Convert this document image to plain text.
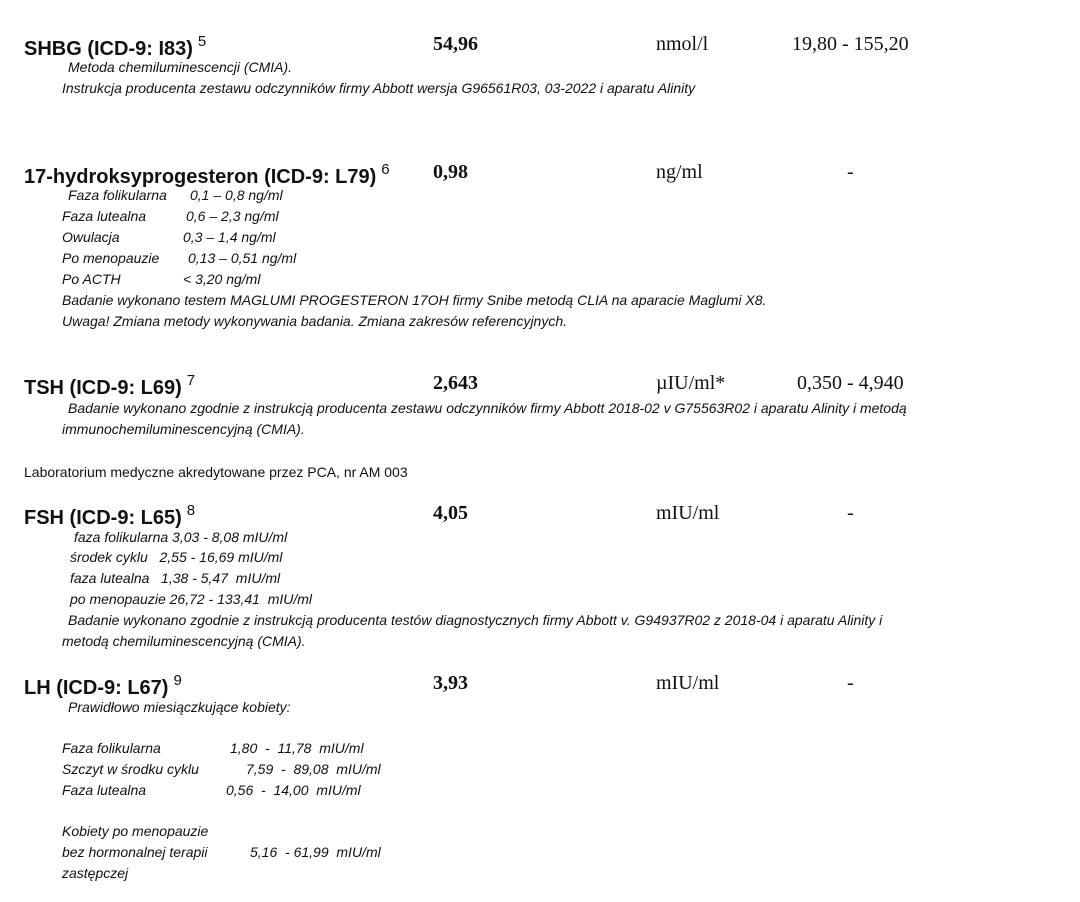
SHBG (ICD-9: I83) $^5$	54,96	nmol/l	19,80 - 155,20
Metoda chemiluminescencji (CMIA).
Instrukcja producenta zestawu odczynników firmy Abbott wersja G96561R03, 03-2022 i aparatu Alinity
17-hydroksyprogesteron (ICD-9: L79) $^6$ 0,98	ng/ml	-
Faza folikularna 0,1 – 0,8 ng/ml
Faza lutealna	0,6 – 2,3 ng/ml
Owulacja	0,3 – 1,4 ng/ml
Po menopauzie 0,13 – 0,51 ng/ml
Po ACTH	< 3,20 ng/ml
Badanie wykonano testem MAGLUMI PROGESTERON 17OH firmy Snibe metodą CLIA na aparacie Maglumi X8.
Uwaga! Zmiana metody wykonywania badania. Zmiana zakresów referencyjnych.
TSH (ICD-9: L69) $^7$	2,643	µIU/ml*	0,350 - 4,940
Badanie wykonano zgodnie z instrukcją producenta zestawu odczynników firmy Abbott 2018-02 v G75563R02 i aparatu Alinity i metodą
immunochemiluminescencyjną (CMIA).
Laboratorium medyczne akredytowane przez PCA, nr AM 003
FSH (ICD-9: L65) $^8$	4,05	mIU/ml	-
faza folikularna 3,03 - 8,08 mIU/ml
środek cyklu   2,55 - 16,69 mIU/ml
faza lutealna   1,38 - 5,47  mIU/ml
po menopauzie 26,72 - 133,41  mIU/ml
Badanie wykonano zgodnie z instrukcją producenta testów diagnostycznych firmy Abbott v. G94937R02 z 2018-04 i aparatu Alinity i
metodą chemiluminescencyjną (CMIA).
LH (ICD-9: L67) $^9$	3,93	mIU/ml	-
Prawidłowo miesiączkujące kobiety:
Faza folikularna	1,80  -  11,78  mIU/ml
Szczyt w środku cyklu	7,59  -  89,08  mIU/ml
Faza lutealna	0,56  -  14,00  mIU/ml
Kobiety po menopauzie
bez hormonalnej terapii	5,16  - 61,99  mIU/ml
zastępczej
